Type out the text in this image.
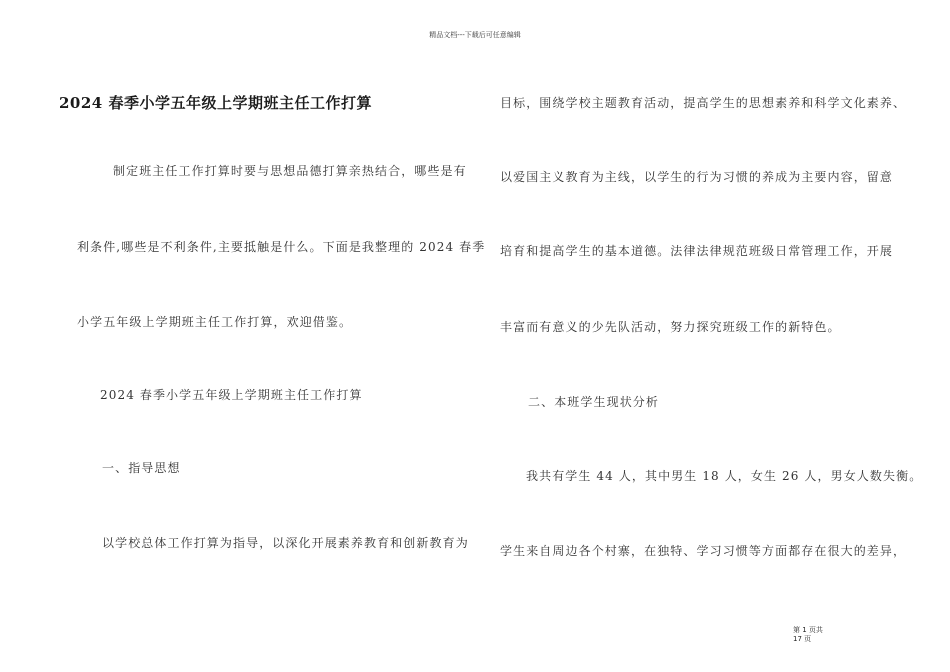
精品文档---下载后可任意编辑
2024 春季小学五年级上学期班主任工作打算
制定班主任工作打算时要与思想品德打算亲热结合，哪些是有
利条件,哪些是不利条件,主要抵触是什么。下面是我整理的 2024 春季
小学五年级上学期班主任工作打算，欢迎借鉴。
2024 春季小学五年级上学期班主任工作打算
一、指导思想
以学校总体工作打算为指导，以深化开展素养教育和创新教育为
目标，围绕学校主题教育活动，提高学生的思想素养和科学文化素养、
以爱国主义教育为主线，以学生的行为习惯的养成为主要内容，留意
培育和提高学生的基本道德。法律法律规范班级日常管理工作，开展
丰富而有意义的少先队活动，努力探究班级工作的新特色。
二、本班学生现状分析
我共有学生 44 人，其中男生 18 人，女生 26 人，男女人数失衡。
学生来自周边各个村寨，在独特、学习习惯等方面都存在很大的差异，
第 1 页共 17 页
